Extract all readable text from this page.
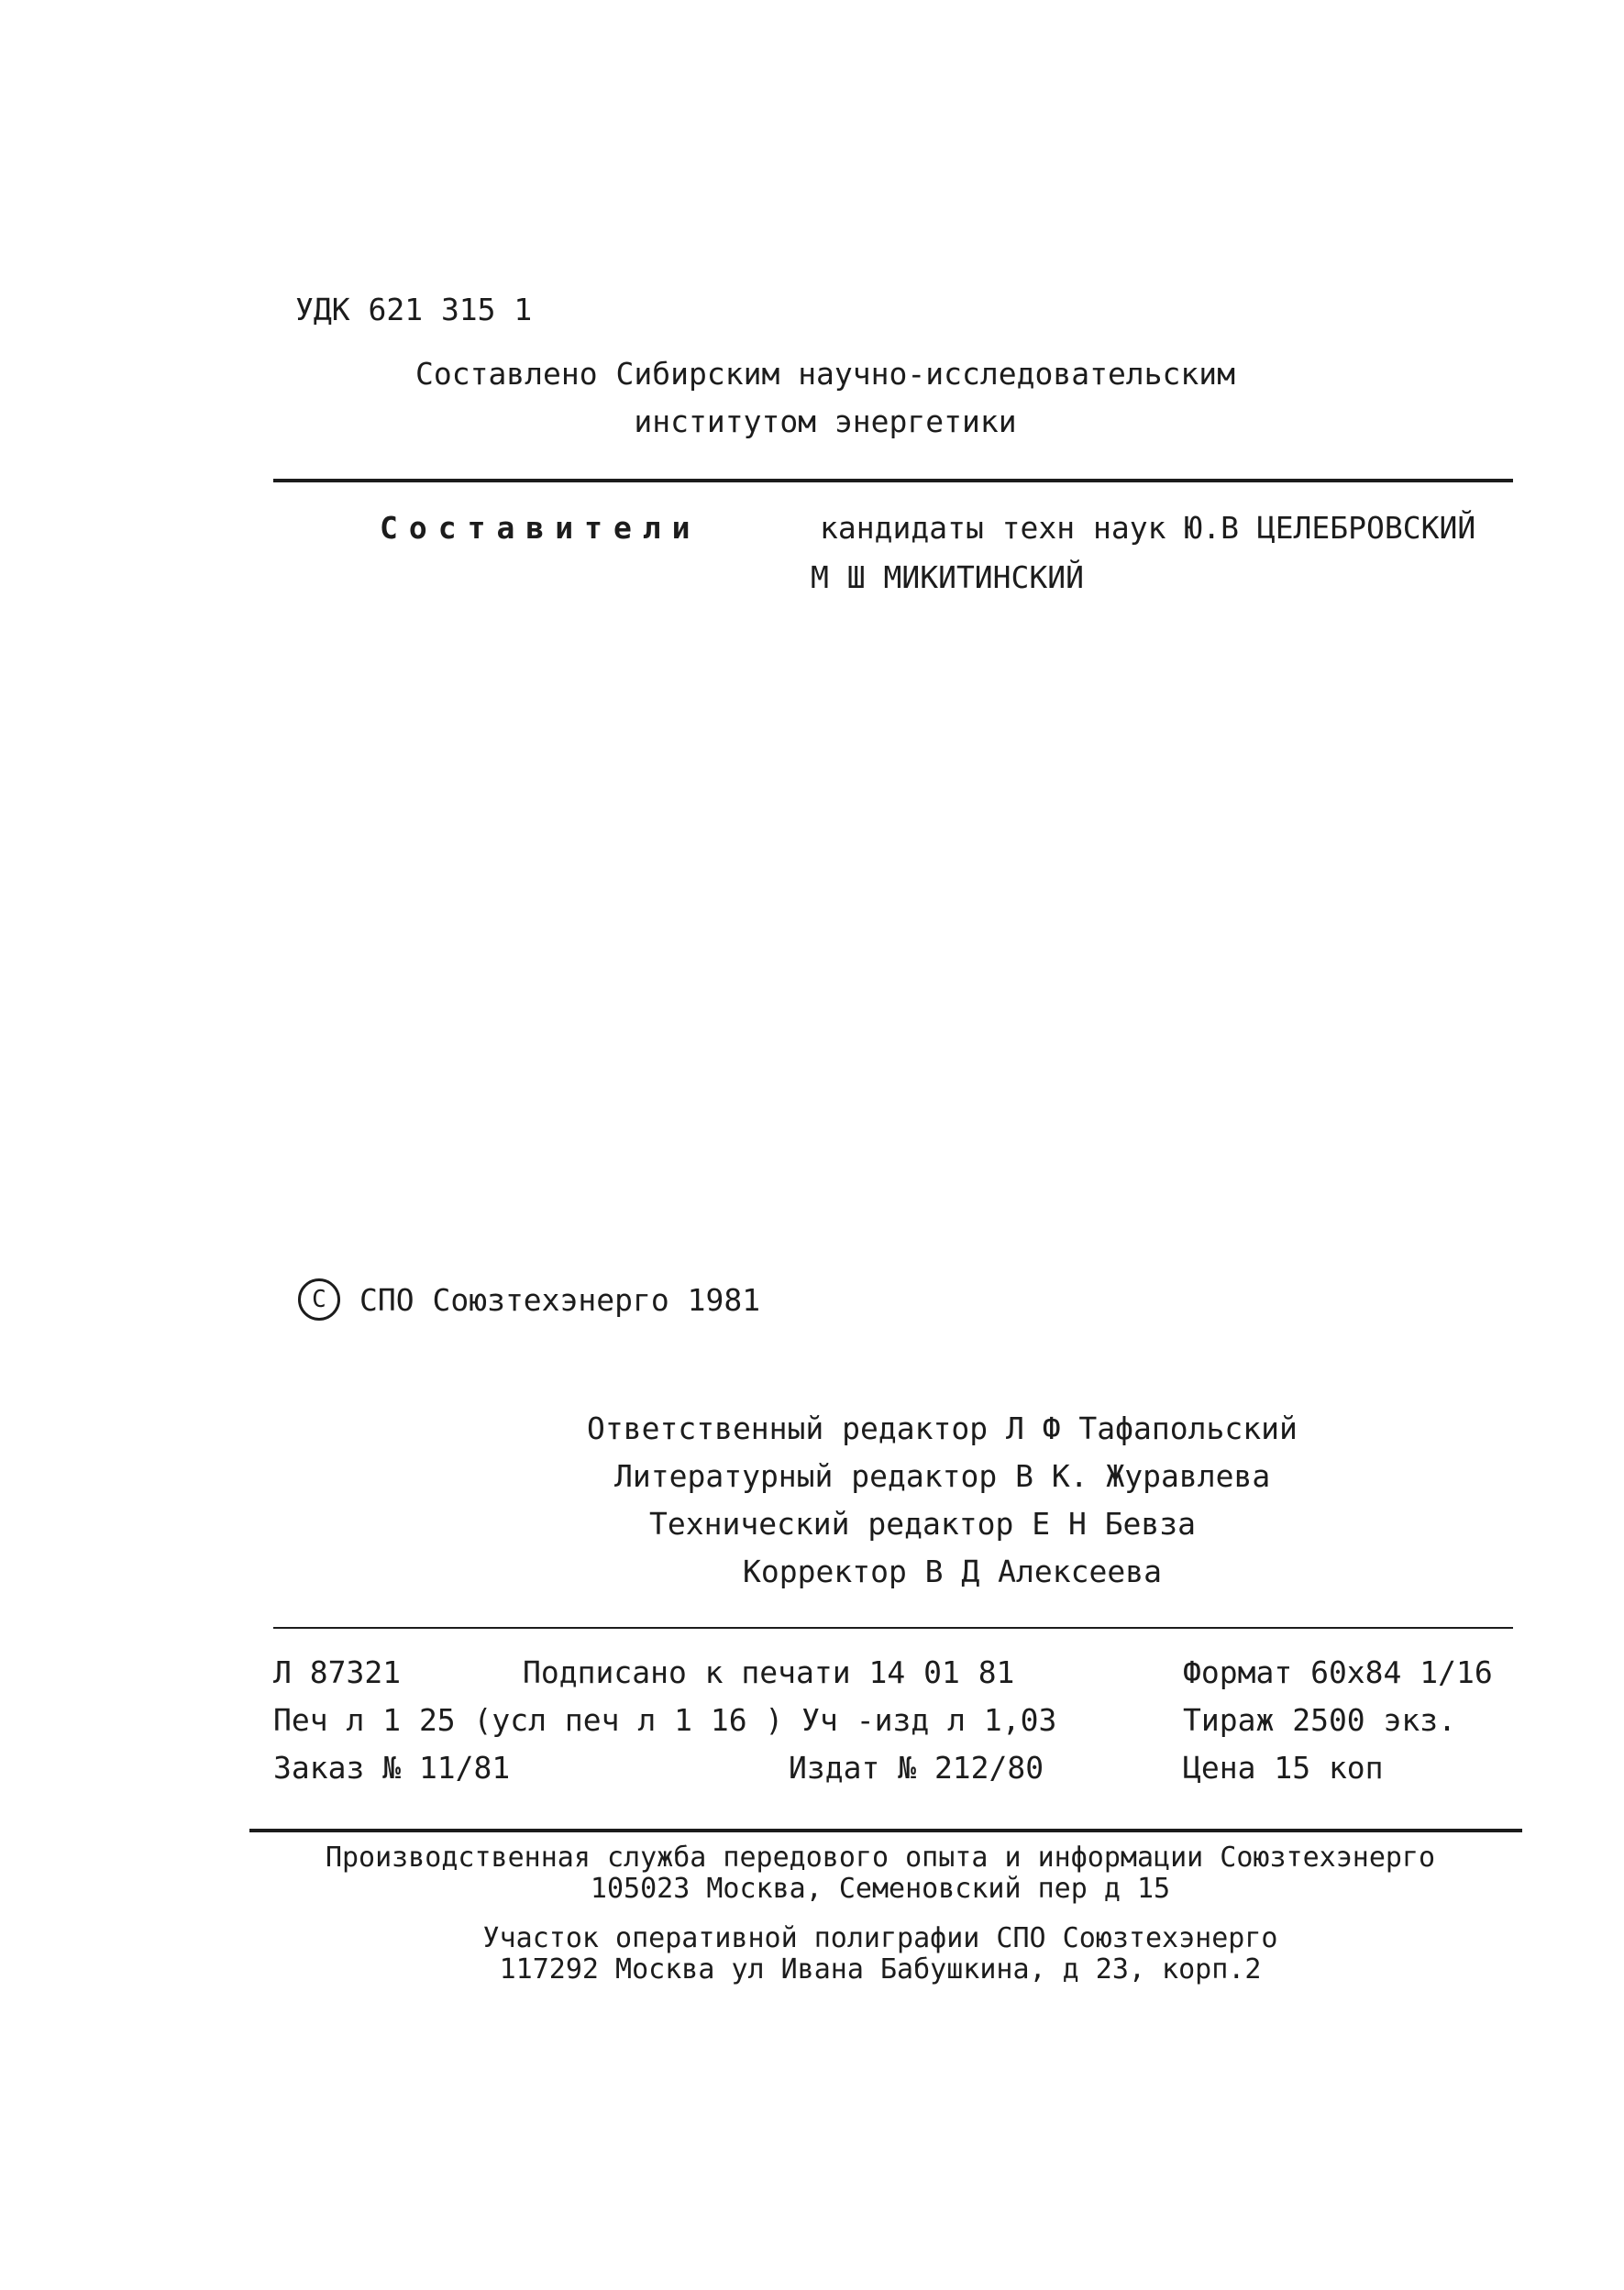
УДК 621 315 1
Составлено Сибирским научно-исследовательским
институтом энергетики
Составители	кандидаты техн наук Ю.В ЦЕЛЕБРОВСКИЙ
М Ш МИКИТИНСКИЙ
C	СПО Союзтехэнерго 1981
Ответственный редактор Л Ф Тафапольский
Литературный редактор В К. Журавлева
Технический редактор Е Н Бевза
Корректор В Д Алексеева
Л 87321	Подписано к печати 14 01 81	Формат 60х84 1/16
Печ л 1 25 (усл печ л 1 16 ) Уч -изд л 1,03	Тираж 2500 экз.
Заказ № 11/81	Издат № 212/80	Цена 15 коп
Производственная служба передового опыта и информации Союзтехэнерго
105023 Москва, Семеновский пер д 15
Участок оперативной полиграфии СПО Союзтехэнерго
117292 Москва ул Ивана Бабушкина, д 23, корп.2
